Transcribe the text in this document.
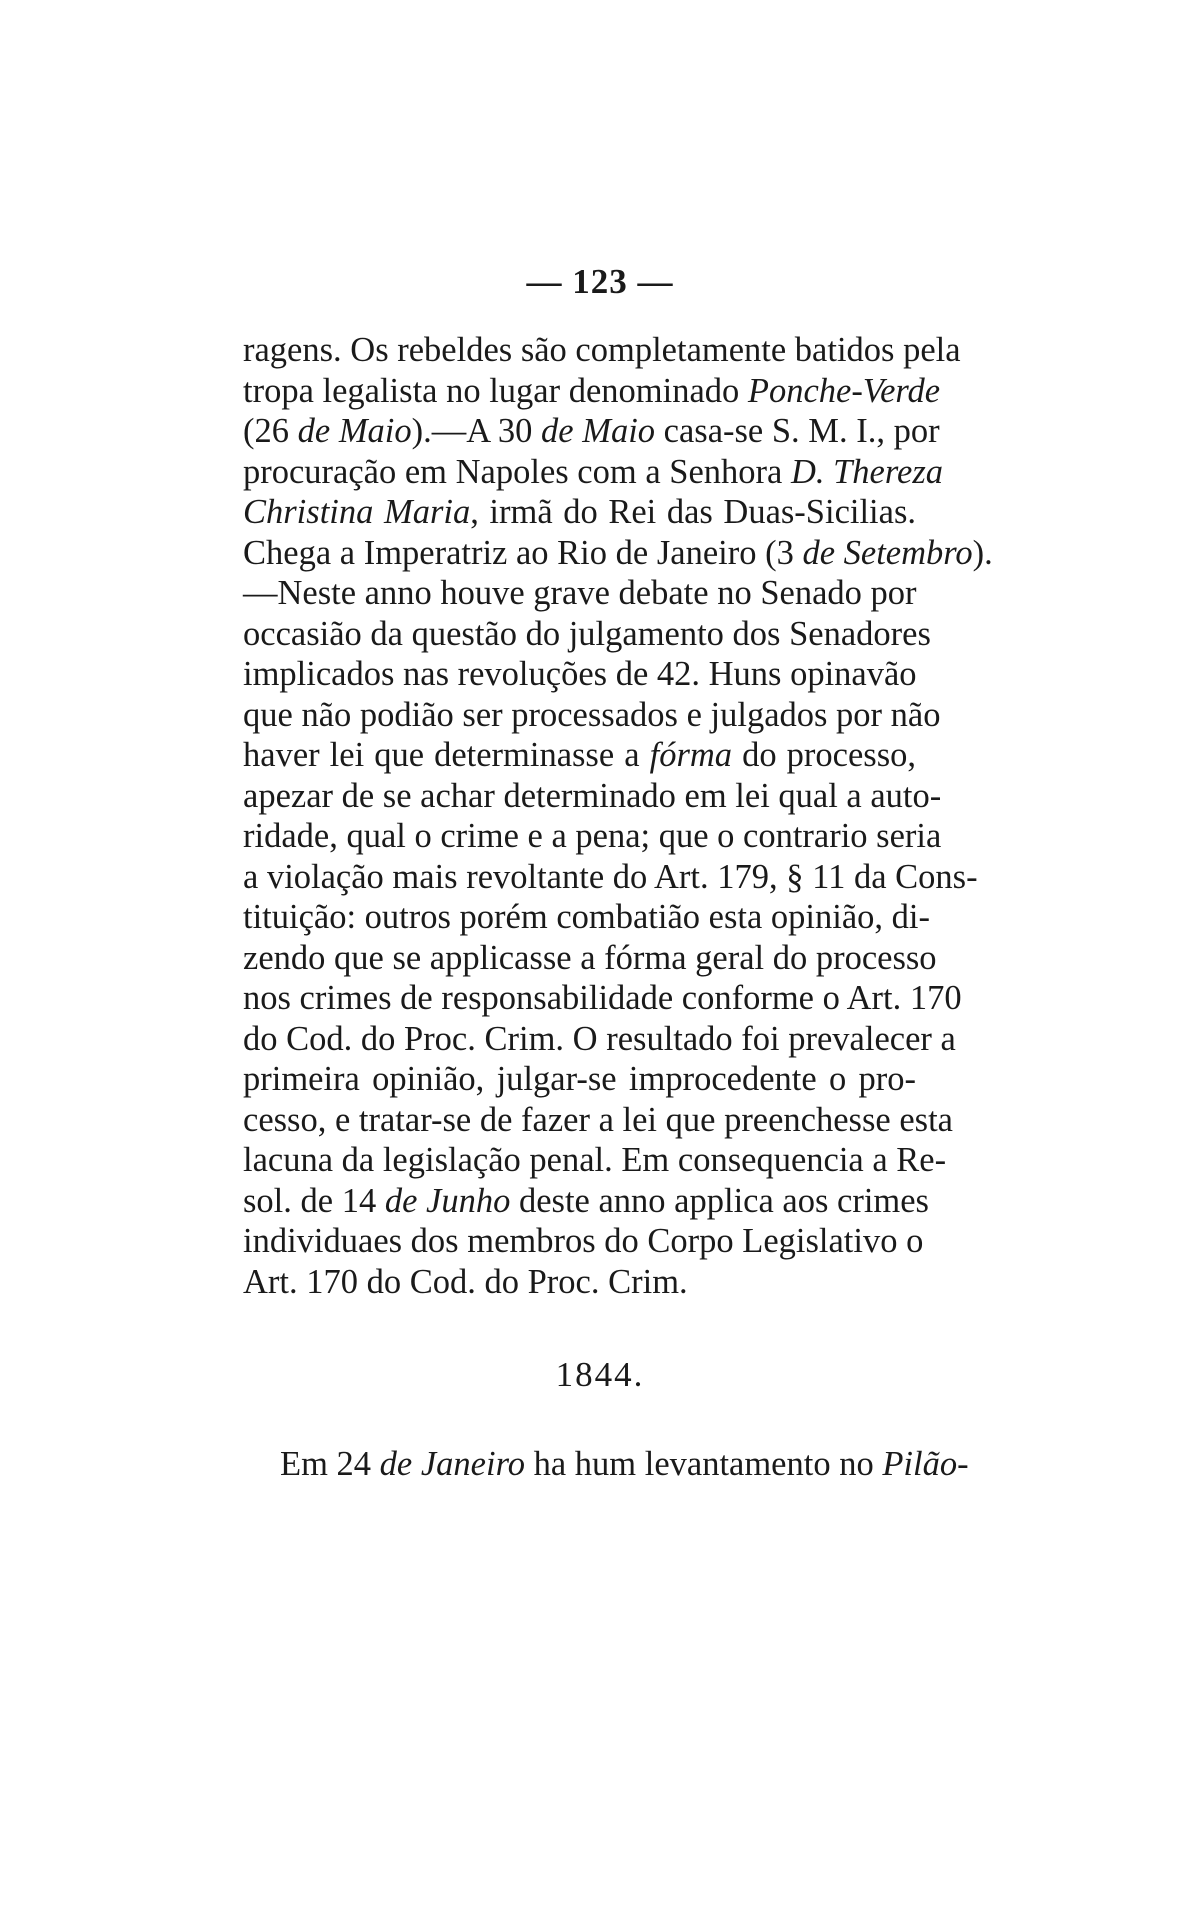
— 123 —
ragens. Os rebeldes são completamente batidos pela
tropa legalista no lugar denominado Ponche-Verde
(26 de Maio).—A 30 de Maio casa-se S. M. I., por
procuração em Napoles com a Senhora D. Thereza
Christina Maria, irmã do Rei das Duas-Sicilias.
Chega a Imperatriz ao Rio de Janeiro (3 de Setembro).
—Neste anno houve grave debate no Senado por
occasião da questão do julgamento dos Senadores
implicados nas revoluções de 42. Huns opinavão
que não podião ser processados e julgados por não
haver lei que determinasse a fórma do processo,
apezar de se achar determinado em lei qual a auto-
ridade, qual o crime e a pena; que o contrario seria
a violação mais revoltante do Art. 179, § 11 da Cons-
tituição: outros porém combatião esta opinião, di-
zendo que se applicasse a fórma geral do processo
nos crimes de responsabilidade conforme o Art. 170
do Cod. do Proc. Crim. O resultado foi prevalecer a
primeira opinião, julgar-se improcedente o pro-
cesso, e tratar-se de fazer a lei que preenchesse esta
lacuna da legislação penal. Em consequencia a Re-
sol. de 14 de Junho deste anno applica aos crimes
individuaes dos membros do Corpo Legislativo o
Art. 170 do Cod. do Proc. Crim.
1844.
Em 24 de Janeiro ha hum levantamento no Pilão-
